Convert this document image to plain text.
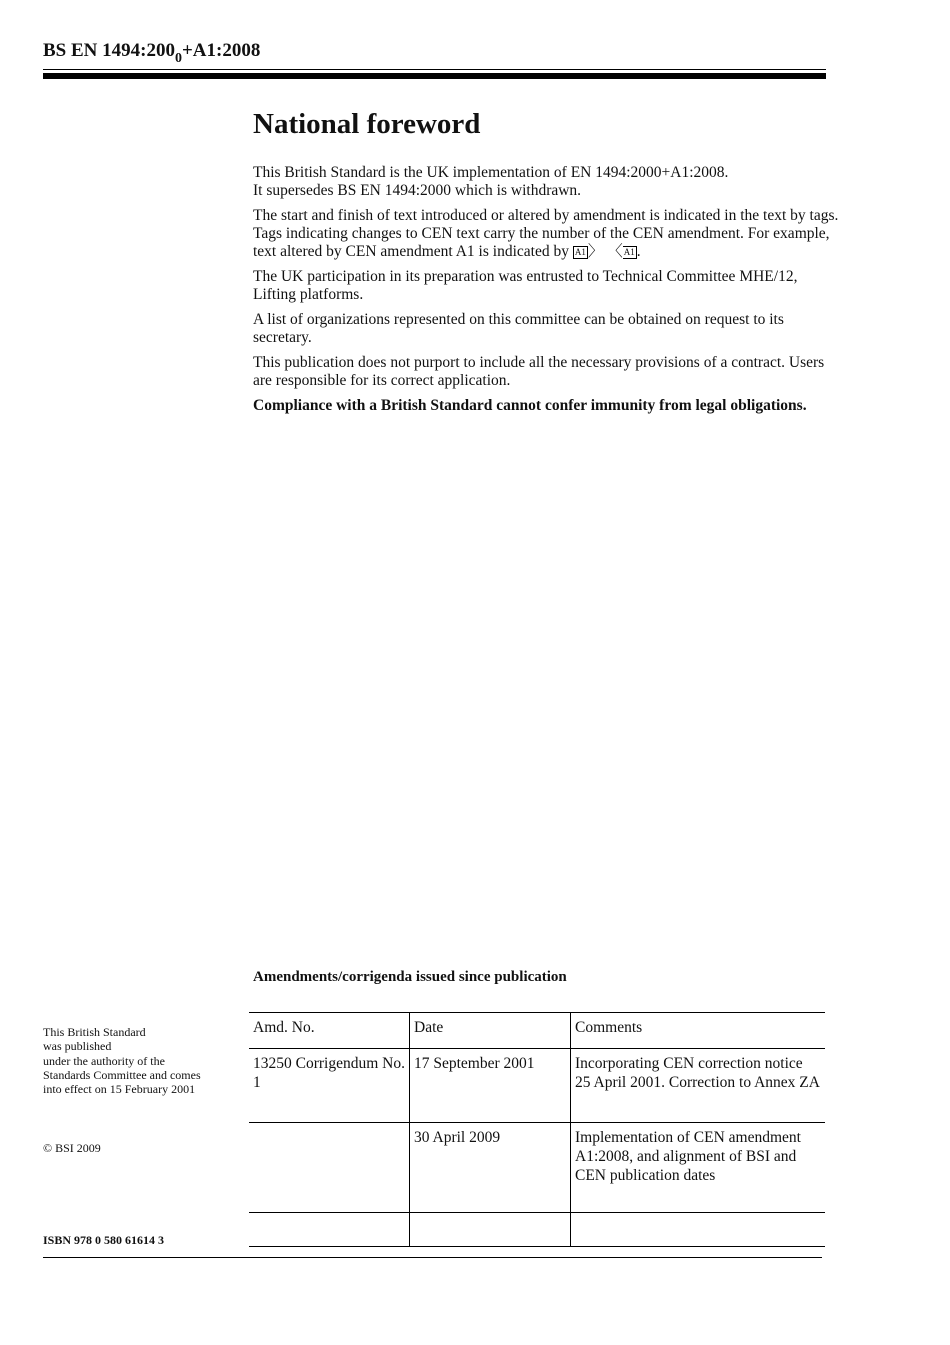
BS EN $1494:200_0+A1:2008$
National foreword

This British Standard is the UK implementation of EN 1494:2000+A1:2008.
It supersedes BS EN 1494:2000 which is withdrawn.

The start and finish of text introduced or altered by amendment is indicated in the text by tags. Tags indicating changes to CEN text carry the number of the CEN amendment. For example, text altered by CEN amendment A1 is indicated by A1 〉 〈A1 .

The UK participation in its preparation was entrusted to Technical Committee MHE/12, Lifting platforms.

A list of organizations represented on this committee can be obtained on request to its secretary.

This publication does not purport to include all the necessary provisions of a contract. Users are responsible for its correct application.

Compliance with a British Standard cannot confer immunity from legal obligations.

Amendments/corrigenda issued since publication
Amd. No.	Date	Comments
13250 Corrigendum No. 1	17 September 2001	Incorporating CEN correction notice 25 April 2001. Correction to Annex ZA
	30 April 2009	Implementation of CEN amendment A1:2008, and alignment of BSI and CEN publication dates

This British Standard
was published
under the authority of the
Standards Committee and comes
into effect on 15 February 2001
© BSI 2009
ISBN 978 0 580 61614 3
